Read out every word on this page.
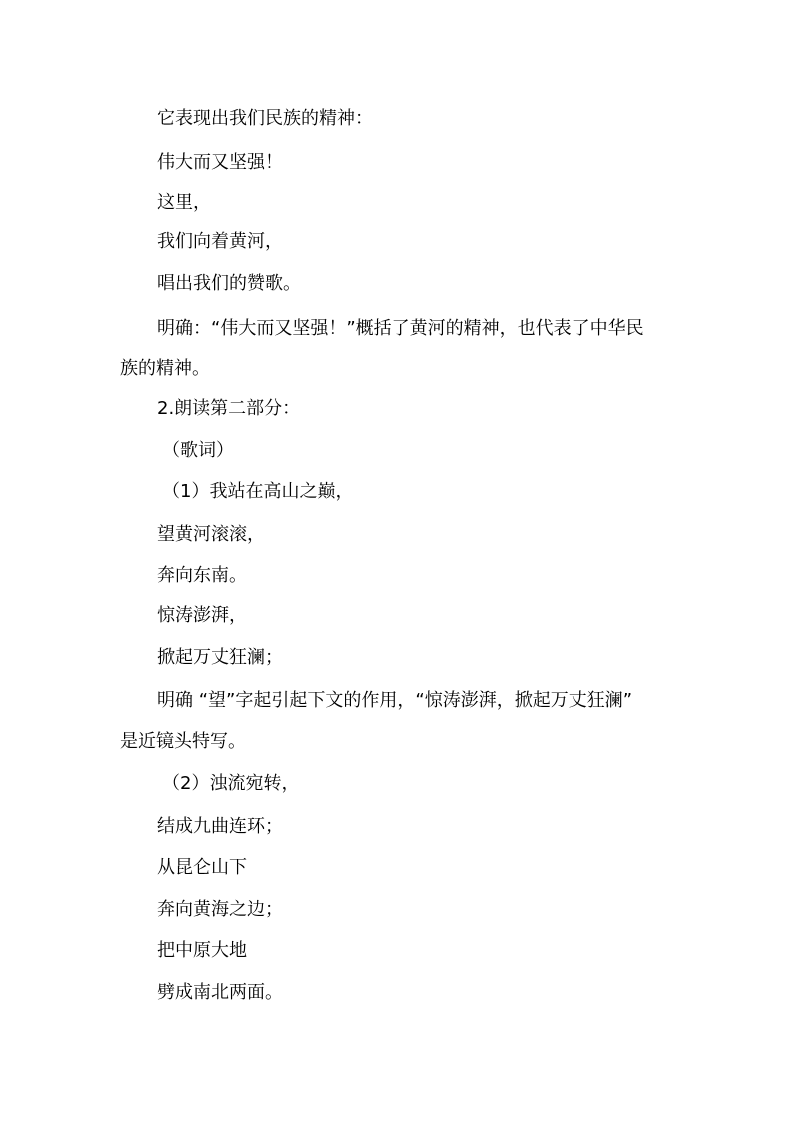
它表现出我们民族的精神：
伟大而又坚强！
这里，
我们向着黄河，
唱出我们的赞歌。
明确：“伟大而又坚强！”概括了黄河的精神，也代表了中华民
族的精神。
2.朗读第二部分：
（歌词）
（1）我站在高山之巅，
望黄河滚滚，
奔向东南。
惊涛澎湃，
掀起万丈狂澜；
明确 “望”字起引起下文的作用，“惊涛澎湃，掀起万丈狂澜”
是近镜头特写。
（2）浊流宛转，
结成九曲连环；
从昆仑山下
奔向黄海之边；
把中原大地
劈成南北两面。
